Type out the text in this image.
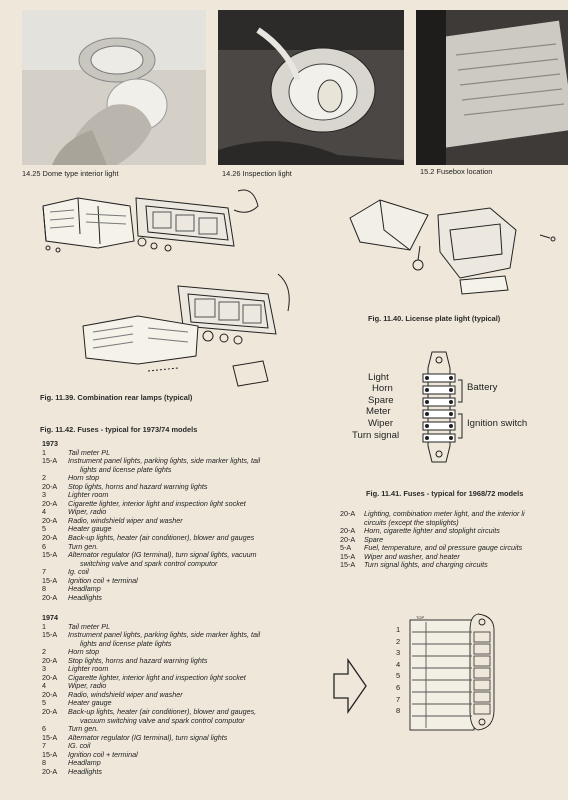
14.25 Dome type interior light	14.26 Inspection light	15.2 Fusebox location
Fig. 11.39. Combination rear lamps (typical)
Fig. 11.40. License plate light (typical)
Light
Horn
Spare
Meter
Wiper
Turn signal
Battery
Ignition switch
Fig. 11.41. Fuses - typical for 1968/72 models
20-A Lighting, combination meter light, and the interior li
circuits (except the stoplights)
20-A Horn, cigarette lighter and stoplight circuits
20-A Spare
5-A Fuel, temperature, and oil pressure gauge circuits
15-A Wiper and washer, and heater
15-A Turn signal lights, and charging circuits
Fig. 11.42. Fuses - typical for 1973/74 models
1973
1	Tail meter PL
15-A Instrument panel lights, parking lights, side marker lights, tail
lights and license plate lights
2	Horn stop
20-A Stop lights, horns and hazard warning lights
3	Lighter room
20-A Cigarette lighter, interior light and inspection light socket
4	Wiper, radio
20-A Radio, windshield wiper and washer
5	Heater gauge
20-A Back-up lights, heater (air conditioner), blower and gauges
6	Turn gen.
15-A Alternator regulator (IG terminal), turn signal lights, vacuum
switching valve and spark control computor
7	Ig. coil
15-A Ignition coil + terminal
8	Headlamp
20-A Headlights
1974
1	Tail meter PL
15-A Instrument panel lights, parking lights, side marker lights, tail
lights and license plate lights
2	Horn stop
20-A Stop lights, horns and hazard warning lights
3	Lighter room
20-A Cigarette lighter, interior light and inspection light socket
4	Wiper, radio
20-A Radio, windshield wiper and washer
5	Heater gauge
20-A Back-up lights, heater (air conditioner), blower and gauges,
vacuum switching valve and spark control computor
6	Turn gen.
15-A Alternator regulator (IG terminal), turn signal lights
7	IG. coil
15-A Ignition coil + terminal
8	Headlamp
20-A Headlights
TOP
1
2
3
4
5
6
7
8
